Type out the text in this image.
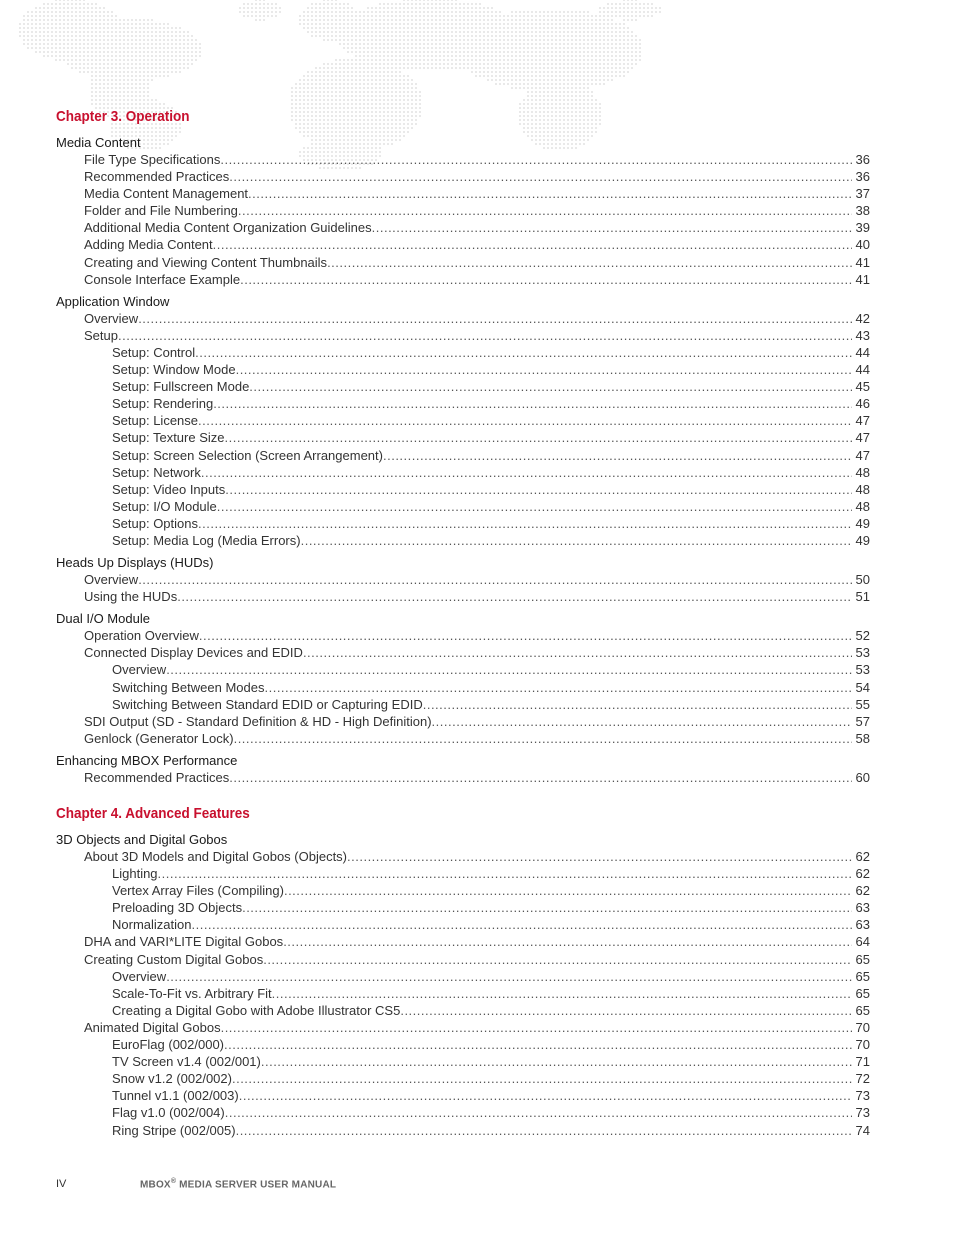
Chapter 3. Operation
Media Content
File Type Specifications .....	36
Recommended Practices .....	36
Media Content Management .....	37
Folder and File Numbering .....	38
Additional Media Content Organization Guidelines .....	39
Adding Media Content .....	40
Creating and Viewing Content Thumbnails .....	41
Console Interface Example .....	41
Application Window
Overview .....	42
Setup .....	43
Setup: Control .....	44
Setup: Window Mode .....	44
Setup: Fullscreen Mode .....	45
Setup: Rendering .....	46
Setup: License .....	47
Setup: Texture Size .....	47
Setup: Screen Selection (Screen Arrangement) .....	47
Setup: Network .....	48
Setup: Video Inputs .....	48
Setup: I/O Module .....	48
Setup: Options .....	49
Setup: Media Log (Media Errors) .....	49
Heads Up Displays (HUDs)
Overview .....	50
Using the HUDs .....	51
Dual I/O Module
Operation Overview .....	52
Connected Display Devices and EDID .....	53
Overview .....	53
Switching Between Modes .....	54
Switching Between Standard EDID or Capturing EDID .....	55
SDI Output (SD - Standard Definition & HD - High Definition) .....	57
Genlock (Generator Lock) .....	58
Enhancing MBOX Performance
Recommended Practices .....	60
Chapter 4. Advanced Features
3D Objects and Digital Gobos
About 3D Models and Digital Gobos (Objects) .....	62
Lighting .....	62
Vertex Array Files (Compiling) .....	62
Preloading 3D Objects .....	63
Normalization .....	63
DHA and VARI*LITE Digital Gobos .....	64
Creating Custom Digital Gobos .....	65
Overview .....	65
Scale-To-Fit vs. Arbitrary Fit .....	65
Creating a Digital Gobo with Adobe Illustrator CS5 .....	65
Animated Digital Gobos .....	70
EuroFlag (002/000) .....	70
TV Screen v1.4 (002/001) .....	71
Snow v1.2 (002/002) .....	72
Tunnel v1.1 (002/003) .....	73
Flag v1.0 (002/004) .....	73
Ring Stripe (002/005) .....	74
IV	MBOX® MEDIA SERVER USER MANUAL
